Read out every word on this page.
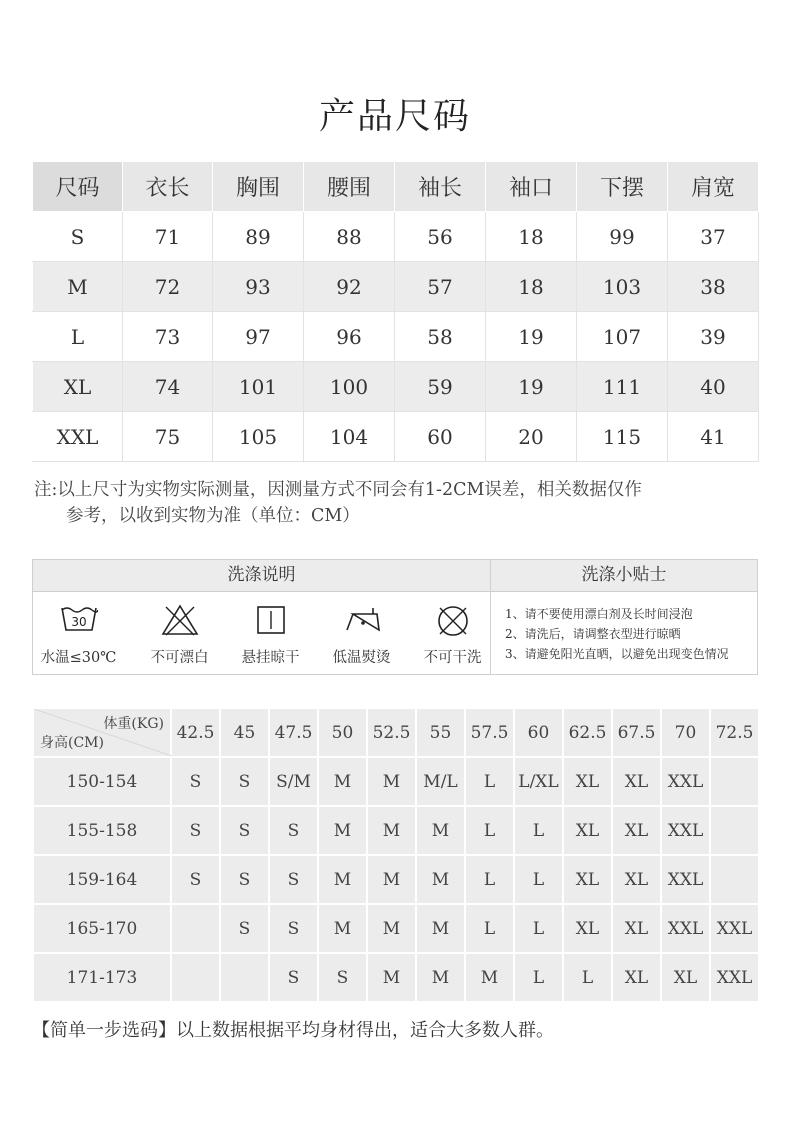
产品尺码
尺码	衣长	胸围	腰围	袖长	袖口	下摆	肩宽
S	71	89	88	56	18	99	37
M	72	93	92	57	18	103	38
L	73	97	96	58	19	107	39
XL	74	101	100	59	19	111	40
XXL	75	105	104	60	20	115	41
注:以上尺寸为实物实际测量，因测量方式不同会有1-2CM误差，相关数据仅作
参考，以收到实物为准（单位：CM）
洗涤说明	洗涤小贴士
30
水温≤30℃	不可漂白	悬挂晾干	低温熨烫	不可干洗
1、请不要使用漂白剂及长时间浸泡
2、请洗后，请调整衣型进行晾晒
3、请避免阳光直晒，以避免出现变色情况
体重(KG)
身高(CM)	42.5	45	47.5	50	52.5	55	57.5	60	62.5	67.5	70	72.5
150-154	S	S	S/M	M	M	M/L	L	L/XL	XL	XL	XXL	
155-158	S	S	S	M	M	M	L	L	XL	XL	XXL	
159-164	S	S	S	M	M	M	L	L	XL	XL	XXL	
165-170		S	S	M	M	M	L	L	XL	XL	XXL	XXL
171-173			S	S	M	M	M	L	L	XL	XL	XXL
【简单一步选码】以上数据根据平均身材得出，适合大多数人群。
